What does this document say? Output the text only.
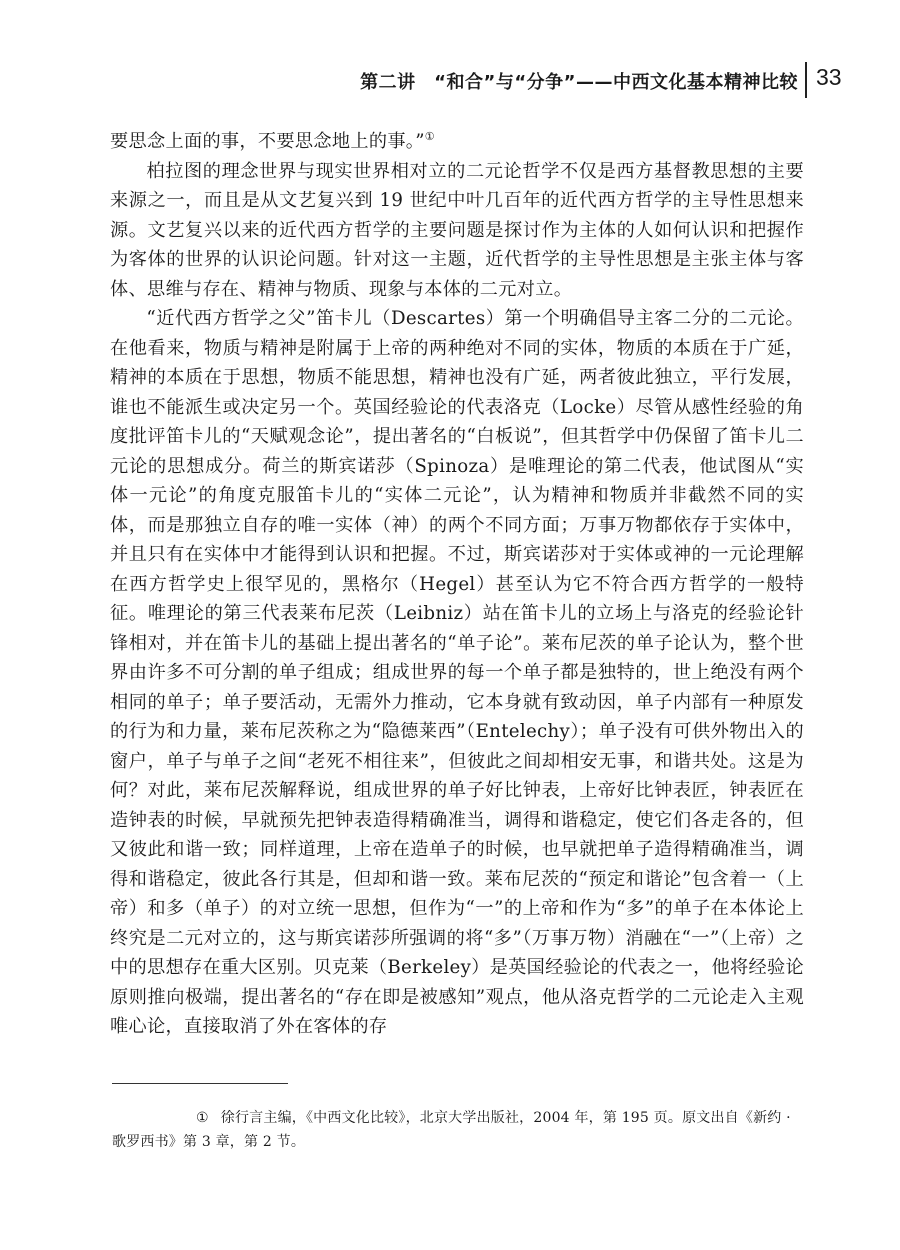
第二讲　“和合”与“分争”——中西文化基本精神比较 33

要思念上面的事，不要思念地上的事。”①

柏拉图的理念世界与现实世界相对立的二元论哲学不仅是西方基督教思想的主要来源之一，而且是从文艺复兴到 19 世纪中叶几百年的近代西方哲学的主导性思想来源。文艺复兴以来的近代西方哲学的主要问题是探讨作为主体的人如何认识和把握作为客体的世界的认识论问题。针对这一主题，近代哲学的主导性思想是主张主体与客体、思维与存在、精神与物质、现象与本体的二元对立。

“近代西方哲学之父”笛卡儿（Descartes）第一个明确倡导主客二分的二元论。在他看来，物质与精神是附属于上帝的两种绝对不同的实体，物质的本质在于广延，精神的本质在于思想，物质不能思想，精神也没有广延，两者彼此独立，平行发展，谁也不能派生或决定另一个。英国经验论的代表洛克（Locke）尽管从感性经验的角度批评笛卡儿的“天赋观念论”，提出著名的“白板说”，但其哲学中仍保留了笛卡儿二元论的思想成分。荷兰的斯宾诺莎（Spinoza）是唯理论的第二代表，他试图从“实体一元论”的角度克服笛卡儿的“实体二元论”，认为精神和物质并非截然不同的实体，而是那独立自存的唯一实体（神）的两个不同方面；万事万物都依存于实体中，并且只有在实体中才能得到认识和把握。不过，斯宾诺莎对于实体或神的一元论理解在西方哲学史上很罕见的，黑格尔（Hegel）甚至认为它不符合西方哲学的一般特征。唯理论的第三代表莱布尼茨（Leibniz）站在笛卡儿的立场上与洛克的经验论针锋相对，并在笛卡儿的基础上提出著名的“单子论”。莱布尼茨的单子论认为，整个世界由许多不可分割的单子组成；组成世界的每一个单子都是独特的，世上绝没有两个相同的单子；单子要活动，无需外力推动，它本身就有致动因，单子内部有一种原发的行为和力量，莱布尼茨称之为“隐德莱西”（Entelechy）；单子没有可供外物出入的窗户，单子与单子之间“老死不相往来”，但彼此之间却相安无事，和谐共处。这是为何？对此，莱布尼茨解释说，组成世界的单子好比钟表，上帝好比钟表匠，钟表匠在造钟表的时候，早就预先把钟表造得精确准当，调得和谐稳定，使它们各走各的，但又彼此和谐一致；同样道理，上帝在造单子的时候，也早就把单子造得精确准当，调得和谐稳定，彼此各行其是，但却和谐一致。莱布尼茨的“预定和谐论”包含着一（上帝）和多（单子）的对立统一思想，但作为“一”的上帝和作为“多”的单子在本体论上终究是二元对立的，这与斯宾诺莎所强调的将“多”（万事万物）消融在“一”（上帝）之中的思想存在重大区别。贝克莱（Berkeley）是英国经验论的代表之一，他将经验论原则推向极端，提出著名的“存在即是被感知”观点，他从洛克哲学的二元论走入主观唯心论，直接取消了外在客体的存

① 徐行言主编，《中西文化比较》，北京大学出版社，2004 年，第 195 页。原文出自《新约 · 歌罗西书》第 3 章，第 2 节。
